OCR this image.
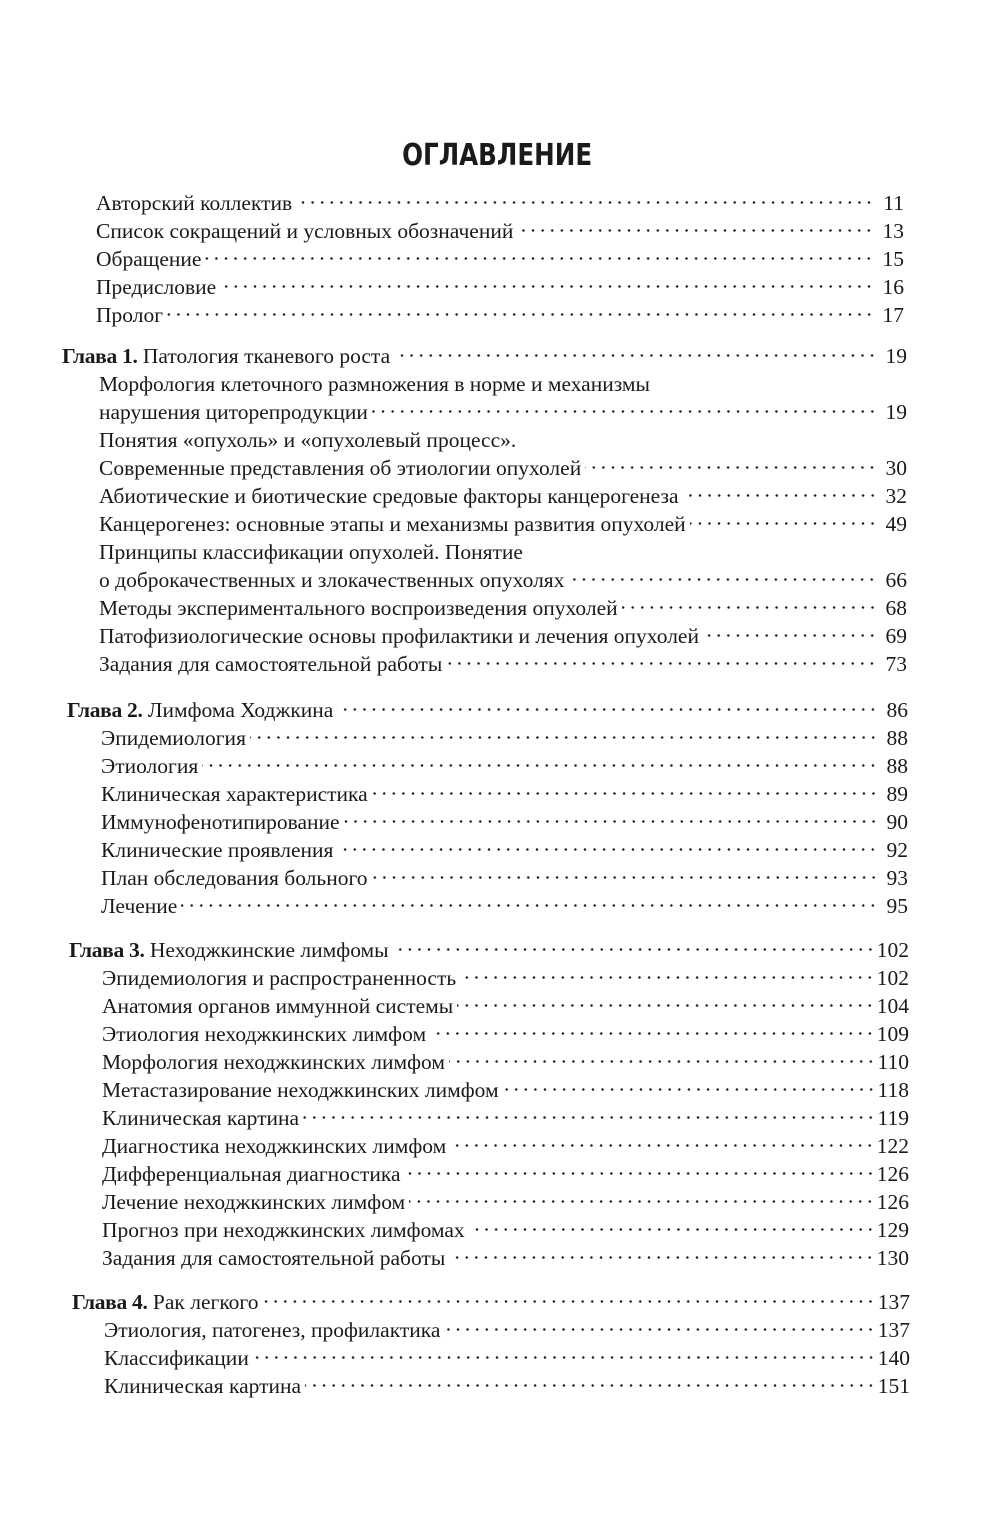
ОГЛАВЛЕНИЕ
Авторский коллектив	11
Список сокращений и условных обозначений	13
Обращение	15
Предисловие	16
Пролог	17
Глава 1. Патология тканевого роста	19
Морфология клеточного размножения в норме и механизмы
нарушения циторепродукции	19
Понятия «опухоль» и «опухолевый процесс».
Современные представления об этиологии опухолей	30
Абиотические и биотические средовые факторы канцерогенеза	32
Канцерогенез: основные этапы и механизмы развития опухолей	49
Принципы классификации опухолей. Понятие
о доброкачественных и злокачественных опухолях	66
Методы экспериментального воспроизведения опухолей	68
Патофизиологические основы профилактики и лечения опухолей	69
Задания для самостоятельной работы	73
Глава 2. Лимфома Ходжкина	86
Эпидемиология	88
Этиология	88
Клиническая характеристика	89
Иммунофенотипирование	90
Клинические проявления	92
План обследования больного	93
Лечение	95
Глава 3. Неходжкинские лимфомы	102
Эпидемиология и распространенность	102
Анатомия органов иммунной системы	104
Этиология неходжкинских лимфом	109
Морфология неходжкинских лимфом	110
Метастазирование неходжкинских лимфом	118
Клиническая картина	119
Диагностика неходжкинских лимфом	122
Дифференциальная диагностика	126
Лечение неходжкинских лимфом	126
Прогноз при неходжкинских лимфомах	129
Задания для самостоятельной работы	130
Глава 4. Рак легкого	137
Этиология, патогенез, профилактика	137
Классификации	140
Клиническая картина	151
